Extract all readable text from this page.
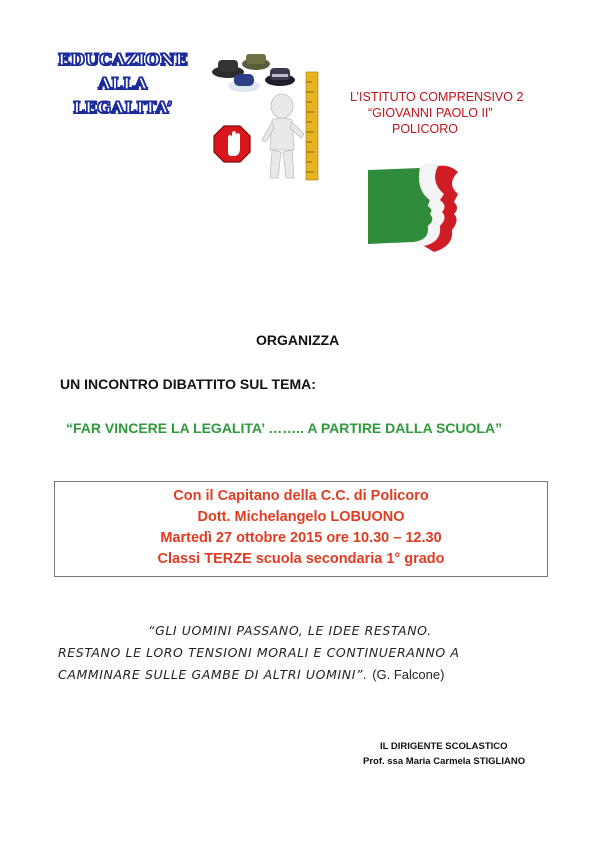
EDUCAZIONE
ALLA
LEGALITA’
L’ISTITUTO COMPRENSIVO 2
“GIOVANNI PAOLO II”
POLICORO
ORGANIZZA
UN INCONTRO DIBATTITO SUL TEMA:
“FAR VINCERE LA LEGALITA’ …….. A PARTIRE DALLA SCUOLA”
Con il Capitano della C.C. di Policoro
Dott. Michelangelo LOBUONO
Martedì 27 ottobre 2015 ore 10.30 – 12.30
Classi TERZE scuola secondaria 1° grado
“GLI UOMINI PASSANO, LE IDEE RESTANO.
RESTANO LE LORO TENSIONI MORALI E CONTINUERANNO A
CAMMINARE SULLE GAMBE DI ALTRI UOMINI”. (G. Falcone)
IL DIRIGENTE SCOLASTICO
Prof. ssa Maria Carmela STIGLIANO
